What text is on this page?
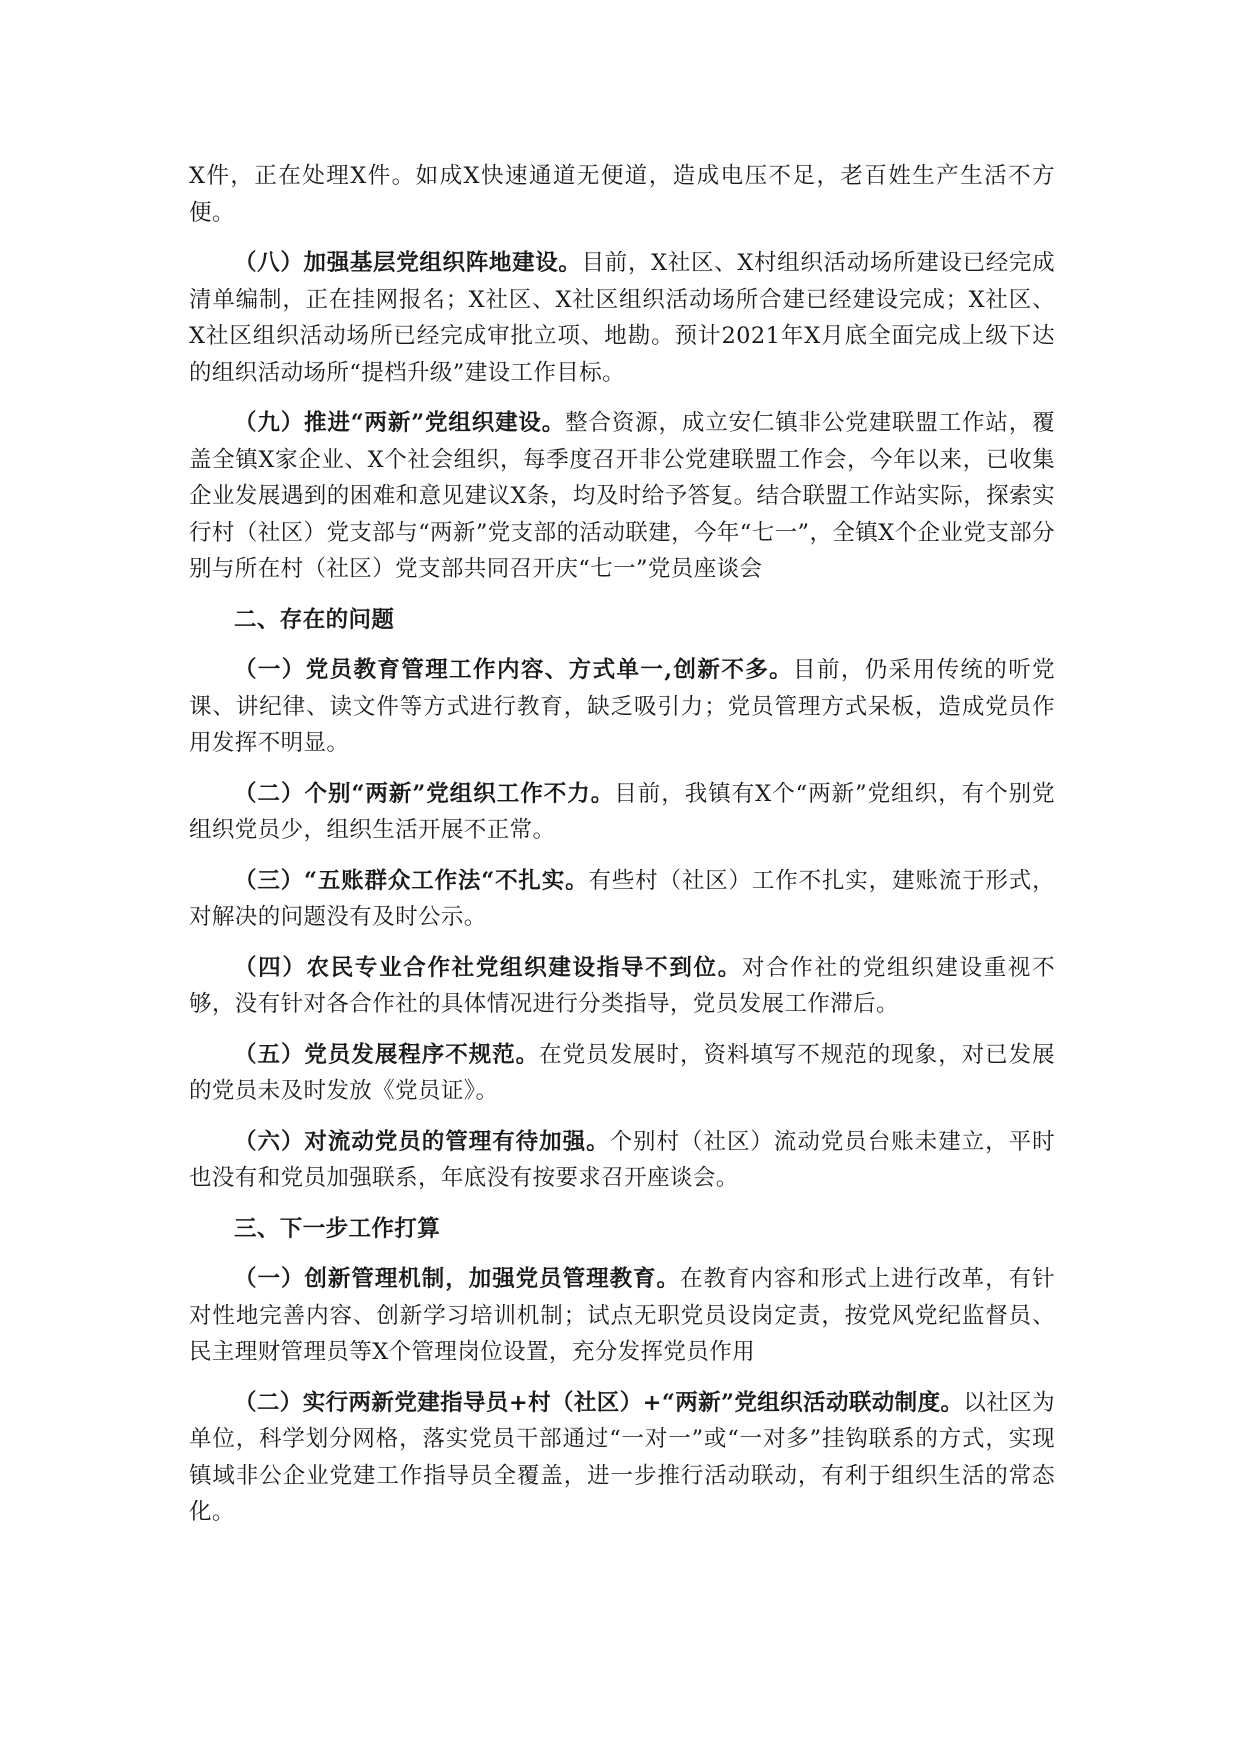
X件，正在处理X件。如成X快速通道无便道，造成电压不足，老百姓生产生活不方便。

（八）加强基层党组织阵地建设。目前，X社区、X村组织活动场所建设已经完成清单编制，正在挂网报名；X社区、X社区组织活动场所合建已经建设完成；X社区、X社区组织活动场所已经完成审批立项、地勘。预计2021年X月底全面完成上级下达的组织活动场所“提档升级”建设工作目标。

（九）推进“两新”党组织建设。整合资源，成立安仁镇非公党建联盟工作站，覆盖全镇X家企业、X个社会组织，每季度召开非公党建联盟工作会，今年以来，已收集企业发展遇到的困难和意见建议X条，均及时给予答复。结合联盟工作站实际，探索实行村（社区）党支部与“两新”党支部的活动联建，今年“七一”，全镇X个企业党支部分别与所在村（社区）党支部共同召开庆“七一”党员座谈会

二、存在的问题

（一）党员教育管理工作内容、方式单一,创新不多。目前，仍采用传统的听党课、讲纪律、读文件等方式进行教育，缺乏吸引力；党员管理方式呆板，造成党员作用发挥不明显。

（二）个别“两新”党组织工作不力。目前，我镇有X个“两新”党组织，有个别党组织党员少，组织生活开展不正常。

（三）“五账群众工作法“不扎实。有些村（社区）工作不扎实，建账流于形式，对解决的问题没有及时公示。

（四）农民专业合作社党组织建设指导不到位。对合作社的党组织建设重视不够，没有针对各合作社的具体情况进行分类指导，党员发展工作滞后。

（五）党员发展程序不规范。在党员发展时，资料填写不规范的现象，对已发展的党员未及时发放《党员证》。

（六）对流动党员的管理有待加强。个别村（社区）流动党员台账未建立，平时也没有和党员加强联系，年底没有按要求召开座谈会。

三、下一步工作打算

（一）创新管理机制，加强党员管理教育。在教育内容和形式上进行改革，有针对性地完善内容、创新学习培训机制；试点无职党员设岗定责，按党风党纪监督员、民主理财管理员等X个管理岗位设置，充分发挥党员作用

（二）实行两新党建指导员+村（社区）+“两新”党组织活动联动制度。以社区为单位，科学划分网格，落实党员干部通过“一对一”或“一对多”挂钩联系的方式，实现镇域非公企业党建工作指导员全覆盖，进一步推行活动联动，有利于组织生活的常态化。
